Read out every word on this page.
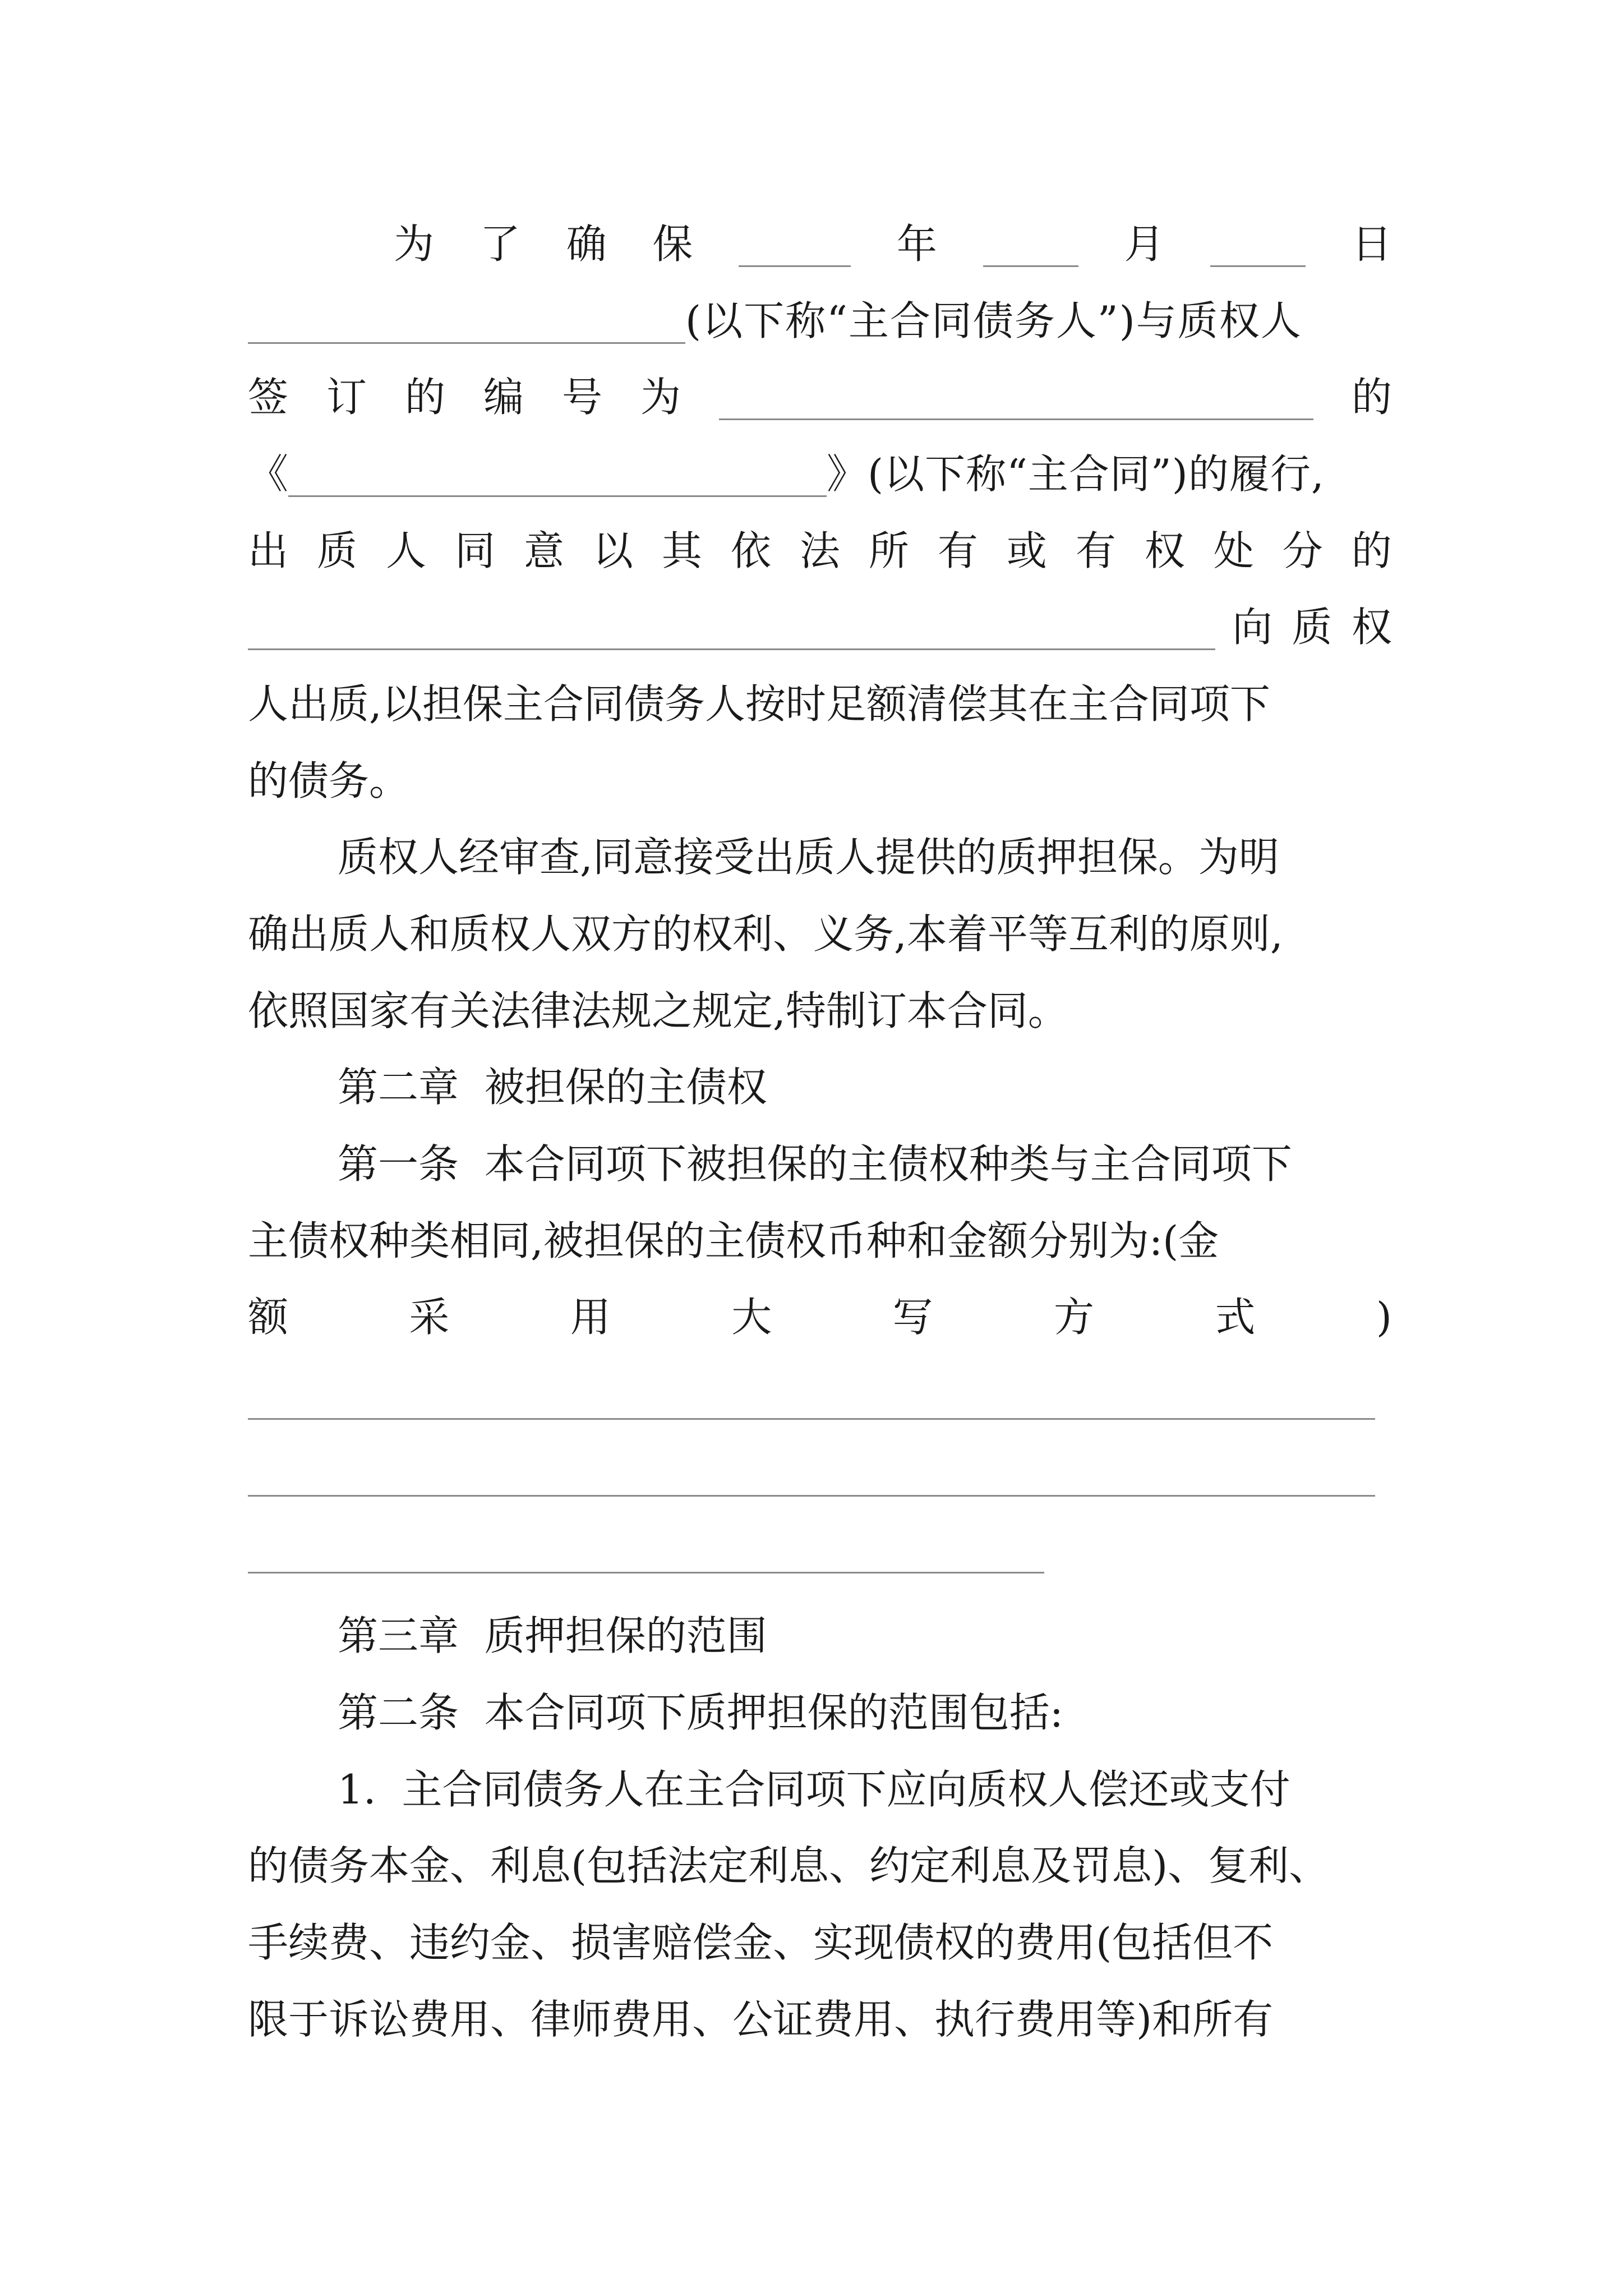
为 了 确 保	年	月	日
(以下称“主合同债务人”)与质权人
签 订 的 编 号 为	的
《	》(以下称“主合同”)的履行,
出 质 人 同 意 以 其 依 法 所 有 或 有 权 处 分 的
向 质 权
人出质,以担保主合同债务人按时足额清偿其在主合同项下
的债务。
质权人经审查,同意接受出质人提供的质押担保。为明
确出质人和质权人双方的权利、义务,本着平等互利的原则,
依照国家有关法律法规之规定,特制订本合同。
第二章  被担保的主债权
第一条  本合同项下被担保的主债权种类与主合同项下
主债权种类相同,被担保的主债权币种和金额分别为:(金
额	采	用	大	写	方	式	)
第三章  质押担保的范围
第二条  本合同项下质押担保的范围包括:
1.  主合同债务人在主合同项下应向质权人偿还或支付
的债务本金、利息(包括法定利息、约定利息及罚息)、复利、
手续费、违约金、损害赔偿金、实现债权的费用(包括但不
限于诉讼费用、律师费用、公证费用、执行费用等)和所有
